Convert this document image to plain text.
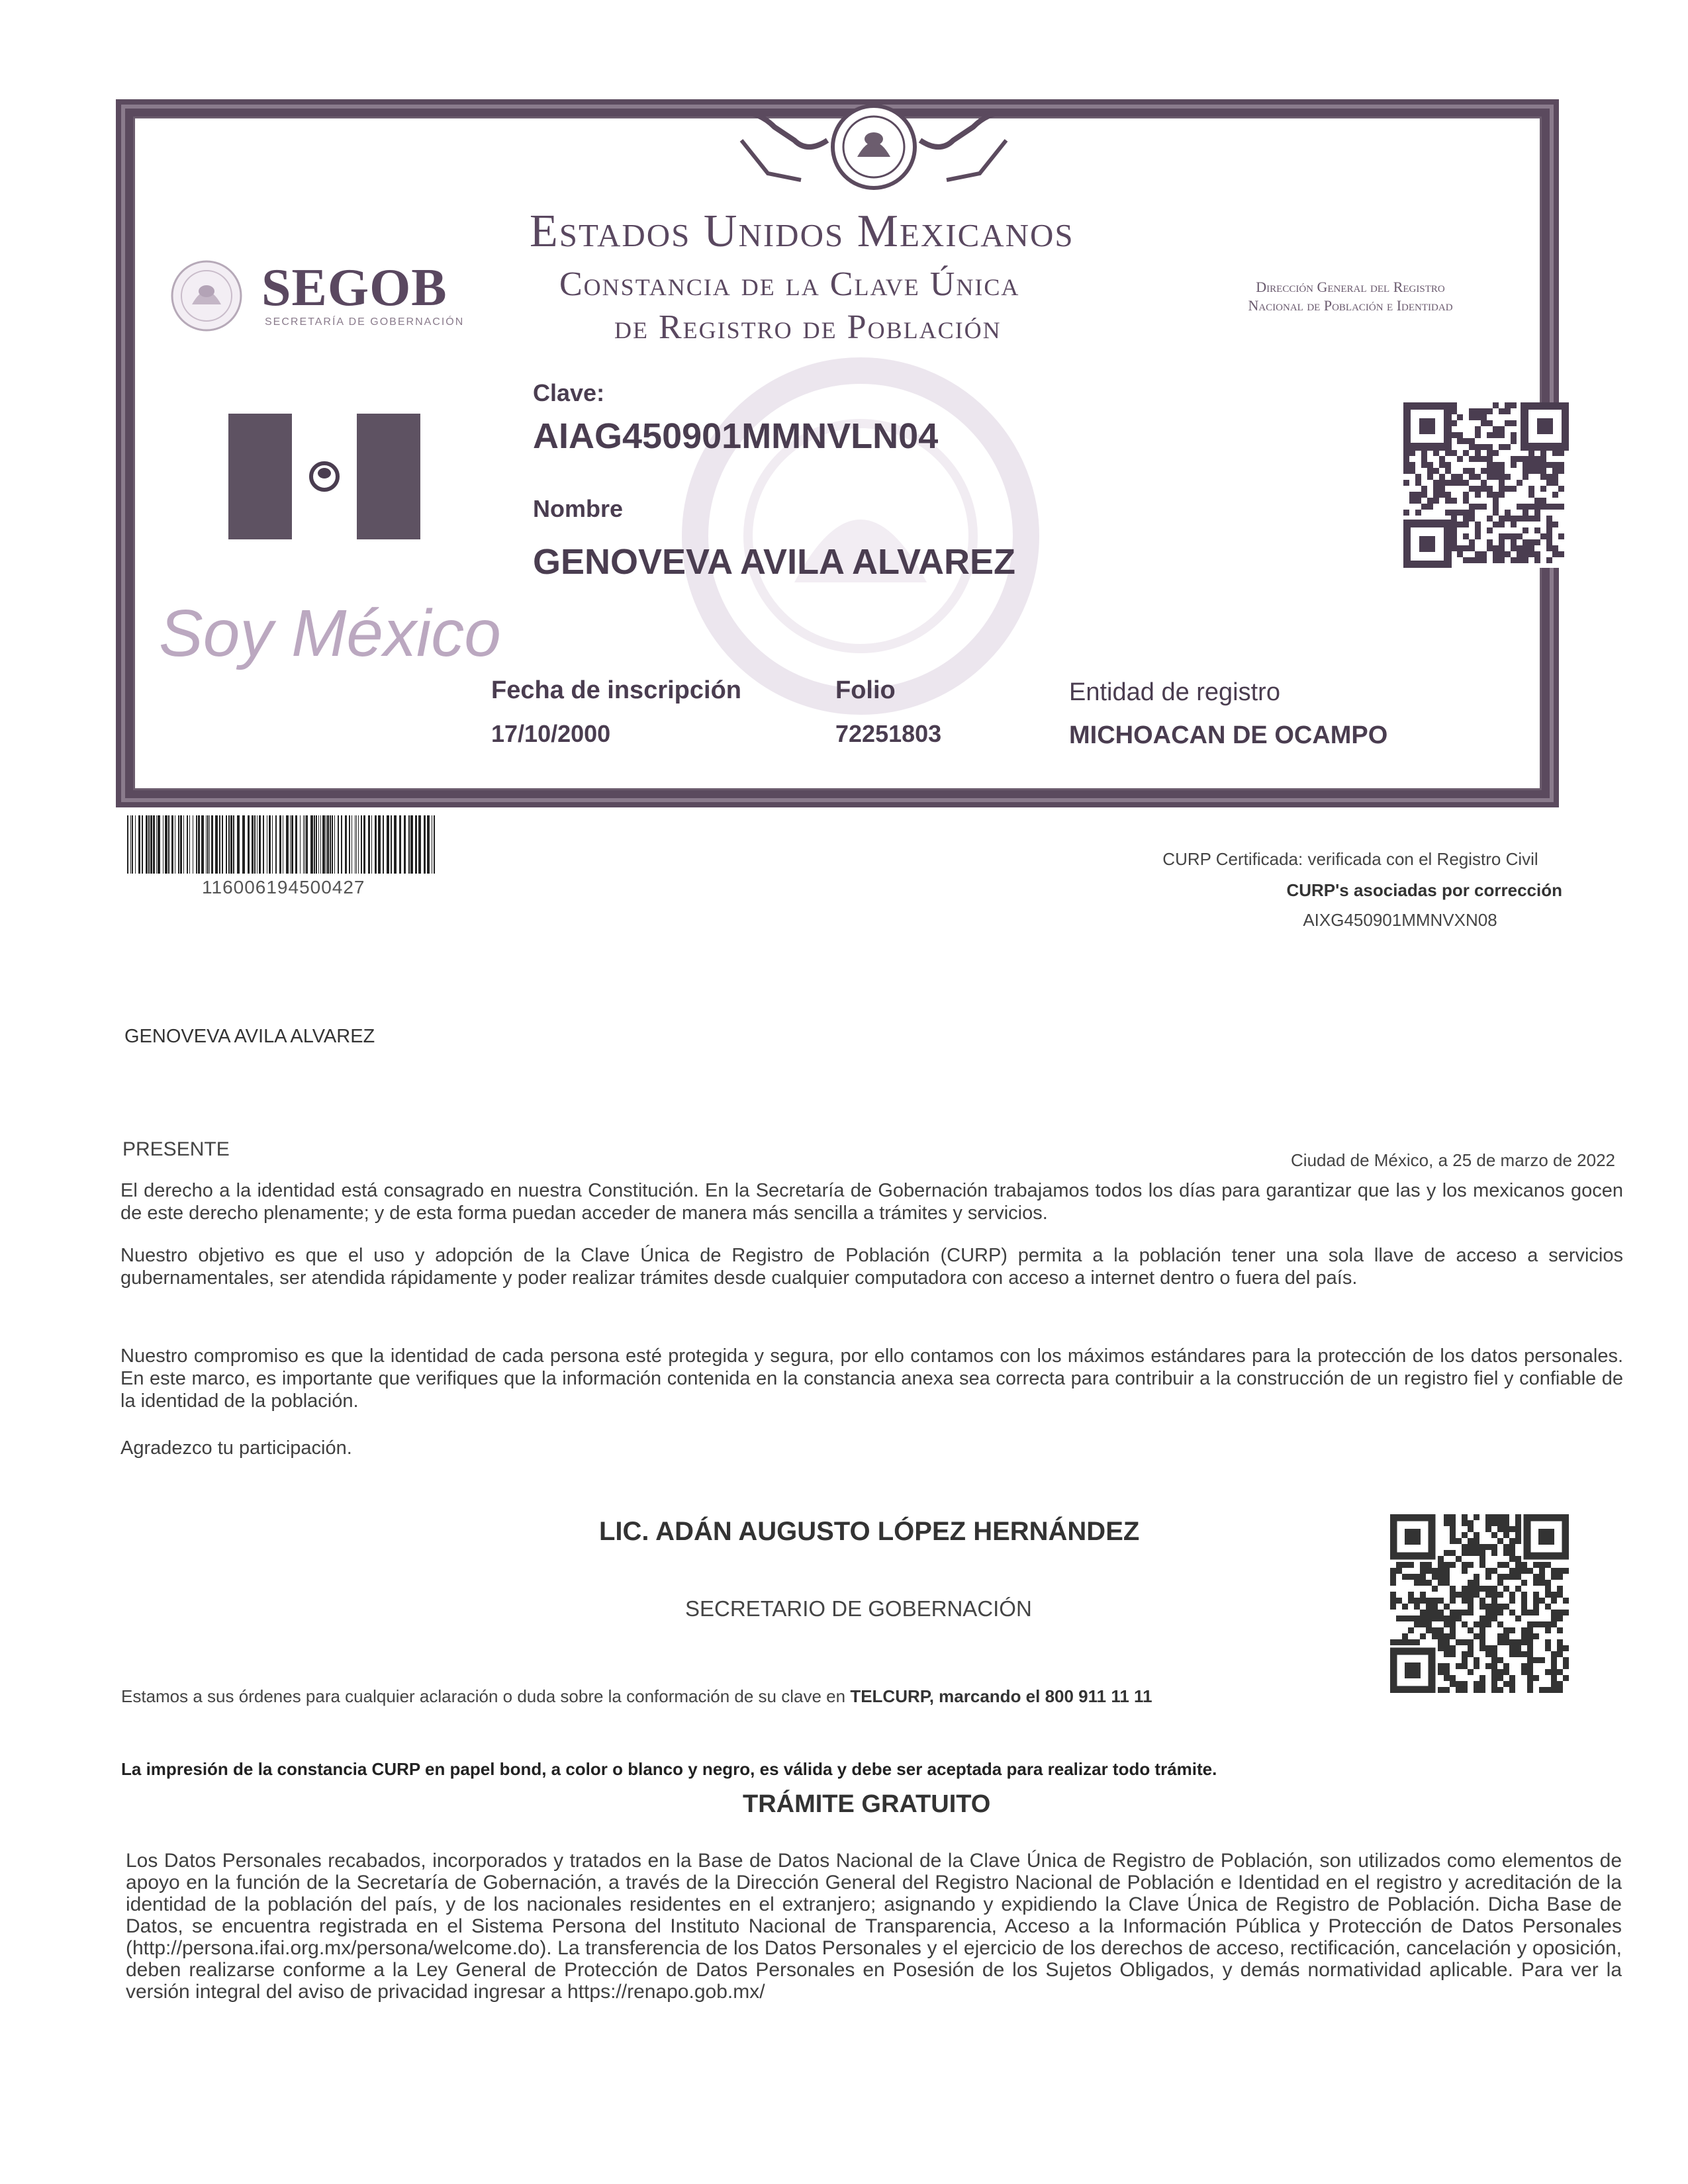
SEGOB
SECRETARÍA DE GOBERNACIÓN
Estados Unidos Mexicanos
Constancia de la Clave Única
de Registro de Población
Dirección General del Registro Nacional de Población e Identidad
Clave:
AIAG450901MMNVLN04
Nombre
GENOVEVA AVILA ALVAREZ
Soy México
Fecha de inscripción
17/10/2000
Folio
72251803
Entidad de registro
MICHOACAN DE OCAMPO
116006194500427
CURP Certificada: verificada con el Registro Civil
CURP's asociadas por corrección
AIXG450901MMNVXN08
GENOVEVA AVILA ALVAREZ
PRESENTE	Ciudad de México, a 25 de marzo de 2022
El derecho a la identidad está consagrado en nuestra Constitución. En la Secretaría de Gobernación trabajamos todos los días para garantizar que las y los mexicanos gocen de este derecho plenamente; y de esta forma puedan acceder de manera más sencilla a trámites y servicios.
Nuestro objetivo es que el uso y adopción de la Clave Única de Registro de Población (CURP) permita a la población tener una sola llave de acceso a servicios gubernamentales, ser atendida rápidamente y poder realizar trámites desde cualquier computadora con acceso a internet dentro o fuera del país.
Nuestro compromiso es que la identidad de cada persona esté protegida y segura, por ello contamos con los máximos estándares para la protección de los datos personales. En este marco, es importante que verifiques que la información contenida en la constancia anexa sea correcta para contribuir a la construcción de un registro fiel y confiable de la identidad de la población.
Agradezco tu participación.
LIC. ADÁN AUGUSTO LÓPEZ HERNÁNDEZ
SECRETARIO DE GOBERNACIÓN
Estamos a sus órdenes para cualquier aclaración o duda sobre la conformación de su clave en TELCURP, marcando el 800 911 11 11
La impresión de la constancia CURP en papel bond, a color o blanco y negro, es válida y debe ser aceptada para realizar todo trámite.
TRÁMITE GRATUITO
Los Datos Personales recabados, incorporados y tratados en la Base de Datos Nacional de la Clave Única de Registro de Población, son utilizados como elementos de apoyo en la función de la Secretaría de Gobernación, a través de la Dirección General del Registro Nacional de Población e Identidad en el registro y acreditación de la identidad de la población del país, y de los nacionales residentes en el extranjero; asignando y expidiendo la Clave Única de Registro de Población. Dicha Base de Datos, se encuentra registrada en el Sistema Persona del Instituto Nacional de Transparencia, Acceso a la Información Pública y Protección de Datos Personales (http://persona.ifai.org.mx/persona/welcome.do). La transferencia de los Datos Personales y el ejercicio de los derechos de acceso, rectificación, cancelación y oposición, deben realizarse conforme a la Ley General de Protección de Datos Personales en Posesión de los Sujetos Obligados, y demás normatividad aplicable. Para ver la versión integral del aviso de privacidad ingresar a https://renapo.gob.mx/
